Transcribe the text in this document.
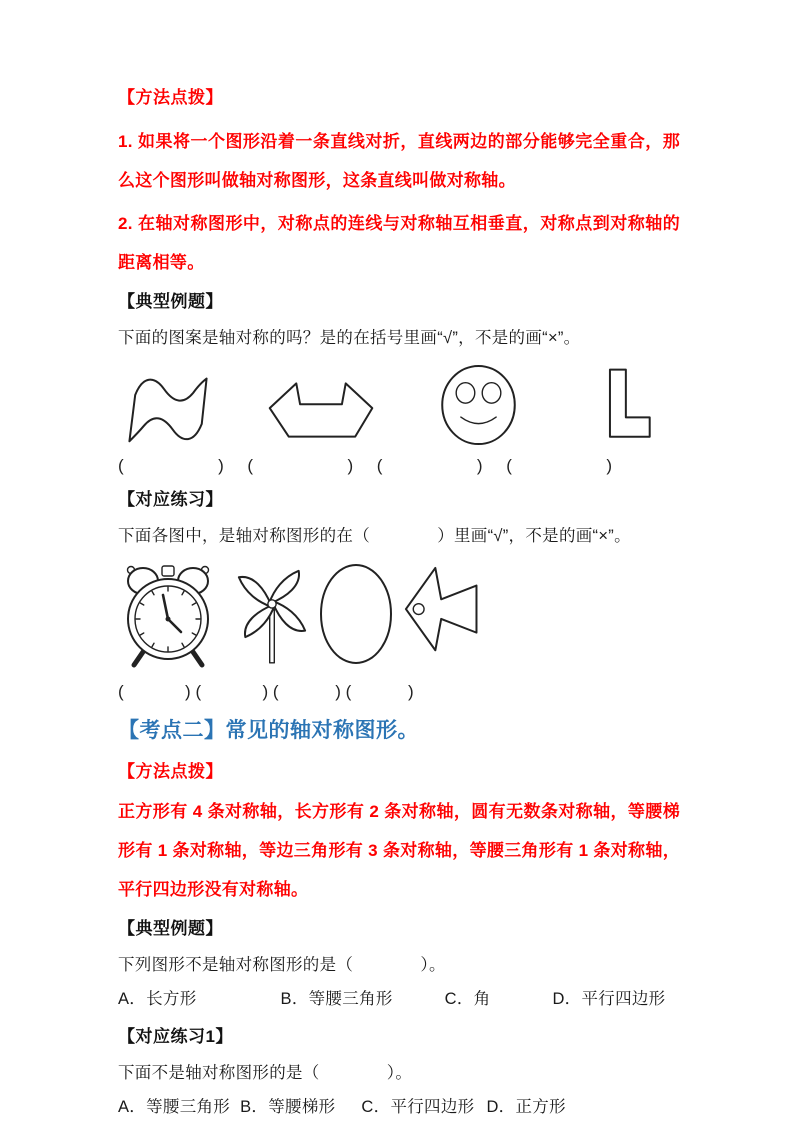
【方法点拨】

1. 如果将一个图形沿着一条直线对折，直线两边的部分能够完全重合，那么这个图形叫做轴对称图形，这条直线叫做对称轴。

2. 在轴对称图形中，对称点的连线与对称轴互相垂直，对称点到对称轴的距离相等。

【典型例题】

下面的图案是轴对称的吗？是的在括号里画“√”，不是的画“×”。

(                    )     (                    )     (                    )     (                    )
【对应练习】

下面各图中，是轴对称图形的在（　　　　）里画“√”，不是的画“×”。

(             ) (             ) (            ) (            )
【考点二】常见的轴对称图形。
【方法点拨】

正方形有 4 条对称轴，长方形有 2 条对称轴，圆有无数条对称轴，等腰梯形有 1 条对称轴，等边三角形有 3 条对称轴，等腰三角形有 1 条对称轴，平行四边形没有对称轴。

【典型例题】

下列图形不是轴对称图形的是（　　　　）。

A．长方形	B．等腰三角形	C．角	D．平行四边形
【对应练习1】

下面不是轴对称图形的是（　　　　）。

A．等腰三角形 B．等腰梯形 C．平行四边形 D．正方形
